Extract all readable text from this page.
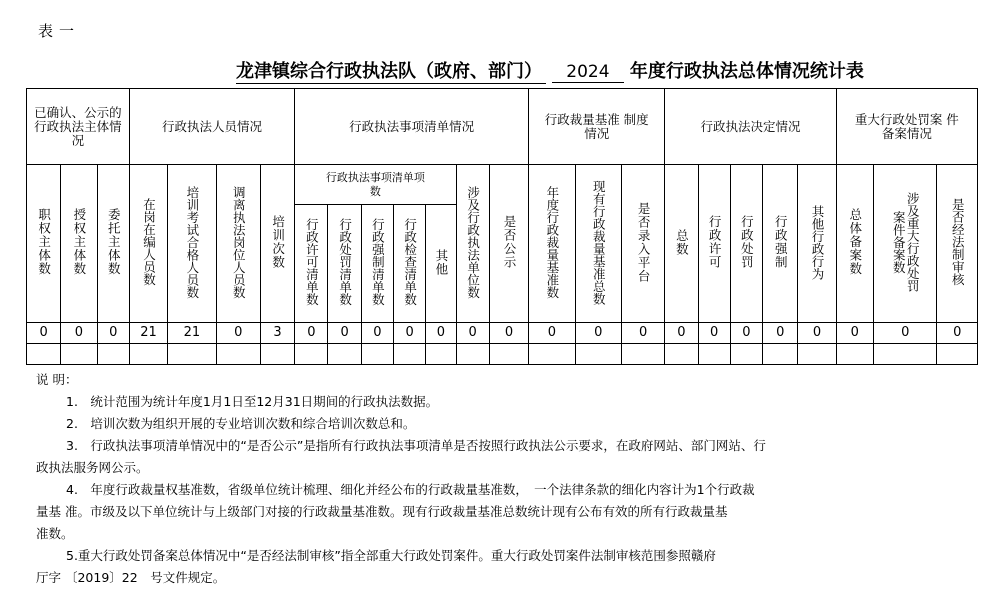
表一
龙津镇综合行政执法队（政府、部门） 2024 年度行政执法总体情况统计表
已确认、公示的行政执法主体情况			行政执法人员情况				行政执法事项清单情况							行政裁量基准 制度情况			行政执法决定情况					重大行政处罚案 件备案情况		
职权主体数	授权主体数	委托主体数	在岗在编人员数	培训考试合格人员数	调离执法岗位人员数	培训次数	行政执法事项清单项数					涉及行政执法单位数	是否公示	年度行政裁量基准数	现有行政裁量基准总数	是否录入平台	总数	行政许可	行政处罚	行政强制	其他行政行为	总体备案数	涉及重大行政处罚案件备案数	是否经法制审核
							行政许可清单数	行政处罚清单数	行政强制清单数	行政检查清单数	其他													
0	0	0	21	21	0	3	0	0	0	0	0	0	0	0	0	0	0	0	0	0	0	0	0	0

说 明：
1.　统计范围为统计年度1月1日至12月31日期间的行政执法数据。
2.　培训次数为组织开展的专业培训次数和综合培训次数总和。
3.　行政执法事项清单情况中的“是否公示”是指所有行政执法事项清单是否按照行政执法公示要求，在政府网站、部门网站、行
政执法服务网公示。
4.　年度行政裁量权基准数，省级单位统计梳理、细化并经公布的行政裁量基准数，　一个法律条款的细化内容计为1个行政裁
量基 准。市级及以下单位统计与上级部门对接的行政裁量基准数。现有行政裁量基准总数统计现有公布有效的所有行政裁量基
准数。
5.重大行政处罚备案总体情况中“是否经法制审核”指全部重大行政处罚案件。重大行政处罚案件法制审核范围参照赣府
厅字 〔2019〕22　号文件规定。
